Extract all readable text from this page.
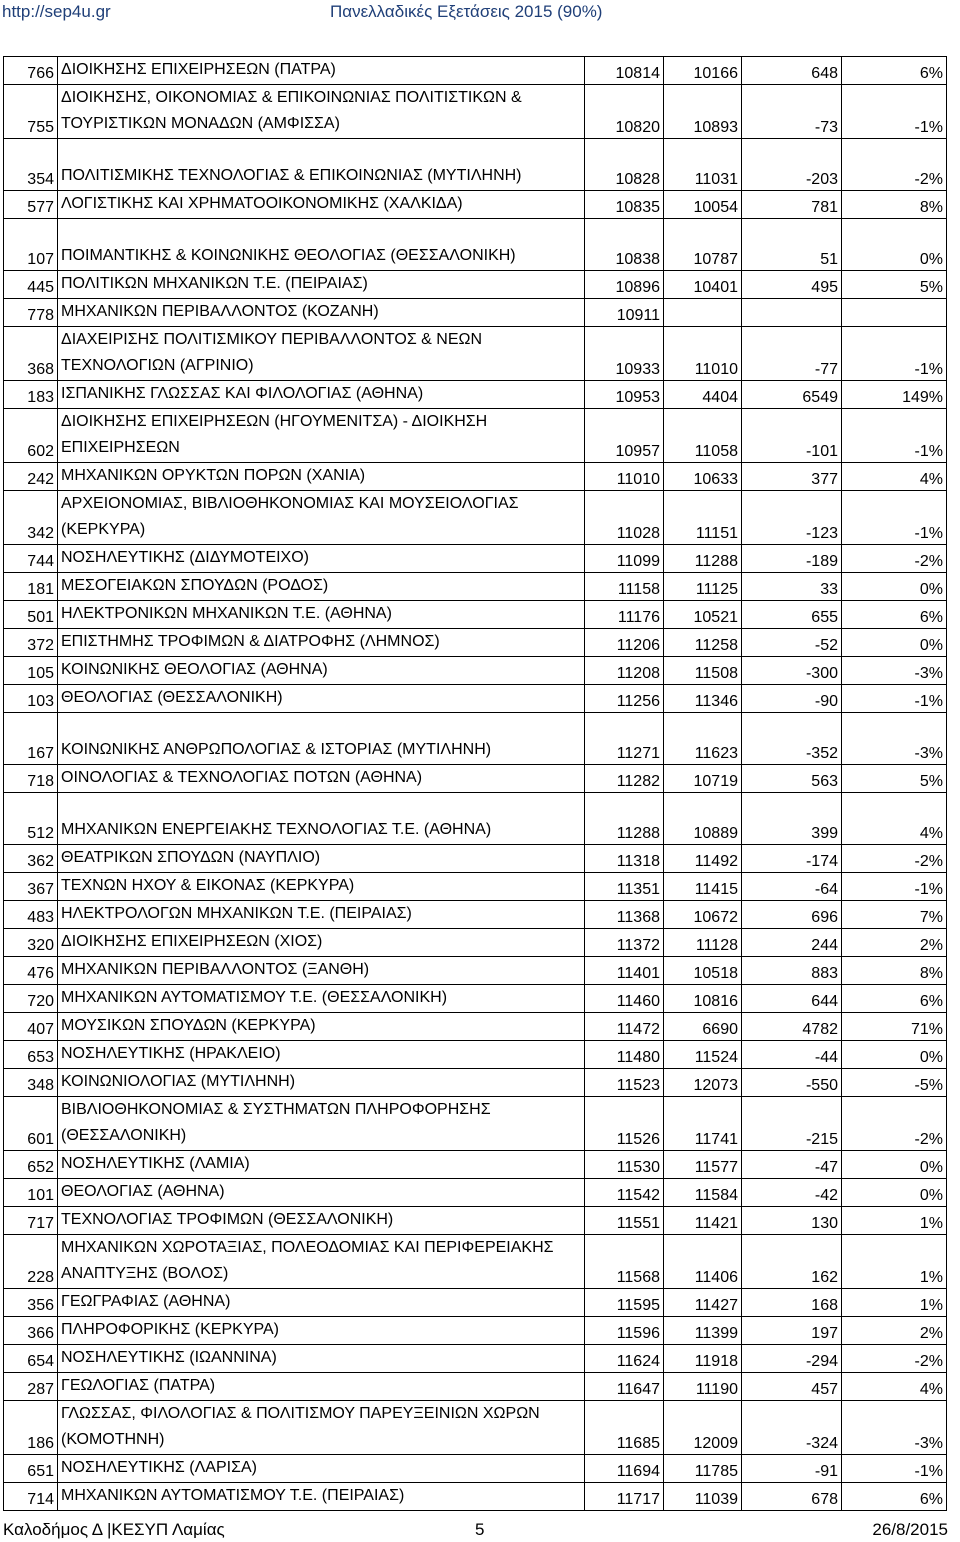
http://sep4u.gr	Πανελλαδικές Εξετάσεις 2015 (90%)
766	ΔΙΟΙΚΗΣΗΣ ΕΠΙΧΕΙΡΗΣΕΩΝ (ΠΑΤΡΑ)	10814	10166	648	6%
755	ΔΙΟΙΚΗΣΗΣ, ΟΙΚΟΝΟΜΙΑΣ & ΕΠΙΚΟΙΝΩΝΙΑΣ ΠΟΛΙΤΙΣΤΙΚΩΝ & ΤΟΥΡΙΣΤΙΚΩΝ ΜΟΝΑΔΩΝ (ΑΜΦΙΣΣΑ)	10820	10893	-73	-1%
354	ΠΟΛΙΤΙΣΜΙΚΗΣ ΤΕΧΝΟΛΟΓΙΑΣ & ΕΠΙΚΟΙΝΩΝΙΑΣ (ΜΥΤΙΛΗΝΗ)	10828	11031	-203	-2%
577	ΛΟΓΙΣΤΙΚΗΣ ΚΑΙ ΧΡΗΜΑΤΟΟΙΚΟΝΟΜΙΚΗΣ (ΧΑΛΚΙΔΑ)	10835	10054	781	8%
107	ΠΟΙΜΑΝΤΙΚΗΣ & ΚΟΙΝΩΝΙΚΗΣ ΘΕΟΛΟΓΙΑΣ (ΘΕΣΣΑΛΟΝΙΚΗ)	10838	10787	51	0%
445	ΠΟΛΙΤΙΚΩΝ ΜΗΧΑΝΙΚΩΝ Τ.Ε. (ΠΕΙΡΑΙΑΣ)	10896	10401	495	5%
778	ΜΗΧΑΝΙΚΩΝ ΠΕΡΙΒΑΛΛΟΝΤΟΣ (ΚΟΖΑΝΗ)	10911			
368	ΔΙΑΧΕΙΡΙΣΗΣ ΠΟΛΙΤΙΣΜΙΚΟΥ ΠΕΡΙΒΑΛΛΟΝΤΟΣ & ΝΕΩΝ ΤΕΧΝΟΛΟΓΙΩΝ (ΑΓΡΙΝΙΟ)	10933	11010	-77	-1%
183	ΙΣΠΑΝΙΚΗΣ ΓΛΩΣΣΑΣ ΚΑΙ ΦΙΛΟΛΟΓΙΑΣ (ΑΘΗΝΑ)	10953	4404	6549	149%
602	ΔΙΟΙΚΗΣΗΣ ΕΠΙΧΕΙΡΗΣΕΩΝ (ΗΓΟΥΜΕΝΙΤΣΑ) - ΔΙΟΙΚΗΣΗ ΕΠΙΧΕΙΡΗΣΕΩΝ	10957	11058	-101	-1%
242	ΜΗΧΑΝΙΚΩΝ ΟΡΥΚΤΩΝ ΠΟΡΩΝ (ΧΑΝΙΑ)	11010	10633	377	4%
342	ΑΡΧΕΙΟΝΟΜΙΑΣ, ΒΙΒΛΙΟΘΗΚΟΝΟΜΙΑΣ ΚΑΙ ΜΟΥΣΕΙΟΛΟΓΙΑΣ (ΚΕΡΚΥΡΑ)	11028	11151	-123	-1%
744	ΝΟΣΗΛΕΥΤΙΚΗΣ (ΔΙΔΥΜΟΤΕΙΧΟ)	11099	11288	-189	-2%
181	ΜΕΣΟΓΕΙΑΚΩΝ ΣΠΟΥΔΩΝ (ΡΟΔΟΣ)	11158	11125	33	0%
501	ΗΛΕΚΤΡΟΝΙΚΩΝ ΜΗΧΑΝΙΚΩΝ Τ.Ε. (ΑΘΗΝΑ)	11176	10521	655	6%
372	ΕΠΙΣΤΗΜΗΣ ΤΡΟΦΙΜΩΝ & ΔΙΑΤΡΟΦΗΣ (ΛΗΜΝΟΣ)	11206	11258	-52	0%
105	ΚΟΙΝΩΝΙΚΗΣ ΘΕΟΛΟΓΙΑΣ (ΑΘΗΝΑ)	11208	11508	-300	-3%
103	ΘΕΟΛΟΓΙΑΣ (ΘΕΣΣΑΛΟΝΙΚΗ)	11256	11346	-90	-1%
167	ΚΟΙΝΩΝΙΚΗΣ ΑΝΘΡΩΠΟΛΟΓΙΑΣ & ΙΣΤΟΡΙΑΣ (ΜΥΤΙΛΗΝΗ)	11271	11623	-352	-3%
718	ΟΙΝΟΛΟΓΙΑΣ & ΤΕΧΝΟΛΟΓΙΑΣ ΠΟΤΩΝ (ΑΘΗΝΑ)	11282	10719	563	5%
512	ΜΗΧΑΝΙΚΩΝ ΕΝΕΡΓΕΙΑΚΗΣ ΤΕΧΝΟΛΟΓΙΑΣ Τ.Ε. (ΑΘΗΝΑ)	11288	10889	399	4%
362	ΘΕΑΤΡΙΚΩΝ ΣΠΟΥΔΩΝ (ΝΑΥΠΛΙΟ)	11318	11492	-174	-2%
367	ΤΕΧΝΩΝ ΗΧΟΥ & ΕΙΚΟΝΑΣ (ΚΕΡΚΥΡΑ)	11351	11415	-64	-1%
483	ΗΛΕΚΤΡΟΛΟΓΩΝ ΜΗΧΑΝΙΚΩΝ Τ.Ε. (ΠΕΙΡΑΙΑΣ)	11368	10672	696	7%
320	ΔΙΟΙΚΗΣΗΣ ΕΠΙΧΕΙΡΗΣΕΩΝ (ΧΙΟΣ)	11372	11128	244	2%
476	ΜΗΧΑΝΙΚΩΝ ΠΕΡΙΒΑΛΛΟΝΤΟΣ (ΞΑΝΘΗ)	11401	10518	883	8%
720	ΜΗΧΑΝΙΚΩΝ ΑΥΤΟΜΑΤΙΣΜΟΥ Τ.Ε. (ΘΕΣΣΑΛΟΝΙΚΗ)	11460	10816	644	6%
407	ΜΟΥΣΙΚΩΝ ΣΠΟΥΔΩΝ (ΚΕΡΚΥΡΑ)	11472	6690	4782	71%
653	ΝΟΣΗΛΕΥΤΙΚΗΣ (ΗΡΑΚΛΕΙΟ)	11480	11524	-44	0%
348	ΚΟΙΝΩΝΙΟΛΟΓΙΑΣ (ΜΥΤΙΛΗΝΗ)	11523	12073	-550	-5%
601	ΒΙΒΛΙΟΘΗΚΟΝΟΜΙΑΣ & ΣΥΣΤΗΜΑΤΩΝ ΠΛΗΡΟΦΟΡΗΣΗΣ (ΘΕΣΣΑΛΟΝΙΚΗ)	11526	11741	-215	-2%
652	ΝΟΣΗΛΕΥΤΙΚΗΣ (ΛΑΜΙΑ)	11530	11577	-47	0%
101	ΘΕΟΛΟΓΙΑΣ (ΑΘΗΝΑ)	11542	11584	-42	0%
717	ΤΕΧΝΟΛΟΓΙΑΣ ΤΡΟΦΙΜΩΝ (ΘΕΣΣΑΛΟΝΙΚΗ)	11551	11421	130	1%
228	ΜΗΧΑΝΙΚΩΝ ΧΩΡΟΤΑΞΙΑΣ, ΠΟΛΕΟΔΟΜΙΑΣ ΚΑΙ ΠΕΡΙΦΕΡΕΙΑΚΗΣ ΑΝΑΠΤΥΞΗΣ (ΒΟΛΟΣ)	11568	11406	162	1%
356	ΓΕΩΓΡΑΦΙΑΣ (ΑΘΗΝΑ)	11595	11427	168	1%
366	ΠΛΗΡΟΦΟΡΙΚΗΣ (ΚΕΡΚΥΡΑ)	11596	11399	197	2%
654	ΝΟΣΗΛΕΥΤΙΚΗΣ (ΙΩΑΝΝΙΝΑ)	11624	11918	-294	-2%
287	ΓΕΩΛΟΓΙΑΣ (ΠΑΤΡΑ)	11647	11190	457	4%
186	ΓΛΩΣΣΑΣ, ΦΙΛΟΛΟΓΙΑΣ & ΠΟΛΙΤΙΣΜΟΥ ΠΑΡΕΥΞΕΙΝΙΩΝ ΧΩΡΩΝ (ΚΟΜΟΤΗΝΗ)	11685	12009	-324	-3%
651	ΝΟΣΗΛΕΥΤΙΚΗΣ (ΛΑΡΙΣΑ)	11694	11785	-91	-1%
714	ΜΗΧΑΝΙΚΩΝ ΑΥΤΟΜΑΤΙΣΜΟΥ Τ.Ε. (ΠΕΙΡΑΙΑΣ)	11717	11039	678	6%
Καλοδήμος Δ |ΚΕΣΥΠ Λαμίας	5	26/8/2015
